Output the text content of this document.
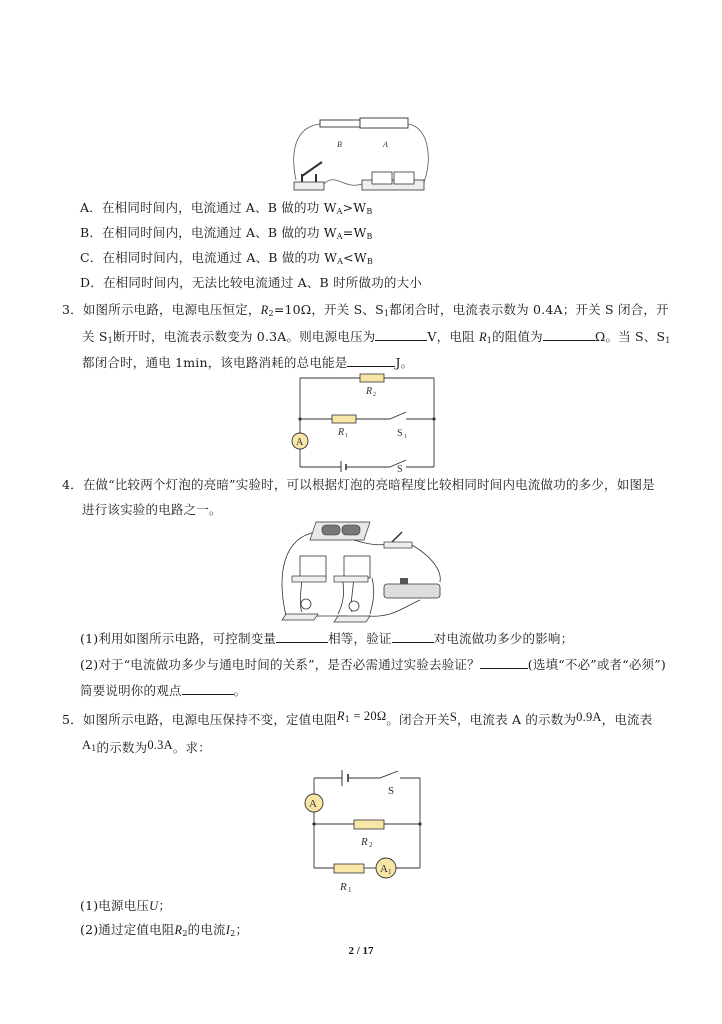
B	A
A．在相同时间内，电流通过 A、B 做的功 $W_A>W_B$
B．在相同时间内，电流通过 A、B 做的功 $W_A=W_B$
C．在相同时间内，电流通过 A、B 做的功 $W_A<W_B$
D．在相同时间内，无法比较电流通过 A、B 时所做功的大小
3．如图所示电路，电源电压恒定，$R_2=10\Omega$，开关 S、$S_1$都闭合时，电流表示数为 0.4A；开关 S 闭合，开
关 $S_1$断开时，电流表示数变为 0.3A。则电源电压为	V，电阻 $R_1$的阻值为	Ω。当 S、$S_1$
都闭合时，通电 1min，该电路消耗的总电能是	J。
A
R 2
R 1	S 1
S
4．在做“比较两个灯泡的亮暗”实验时，可以根据灯泡的亮暗程度比较相同时间内电流做功的多少，如图是
进行该实验的电路之一。
(1)利用如图所示电路，可控制变量	相等，验证	对电流做功多少的影响；
(2)对于“电流做功多少与通电时间的关系”，是否必需通过实验去验证？	(选填“不必”或者“必须”)
简要说明你的观点	。
5．如图所示电路，电源电压保持不变，定值电阻$R_1 = 20\Omega$。闭合开关S，电流表 A 的示数为0.9A，电流表
$A_1$的示数为0.3A。求：
S
A
R 2
A 1
R 1
(1)电源电压U；
(2)通过定值电阻$R_2$的电流$I_2$；
2 / 17
